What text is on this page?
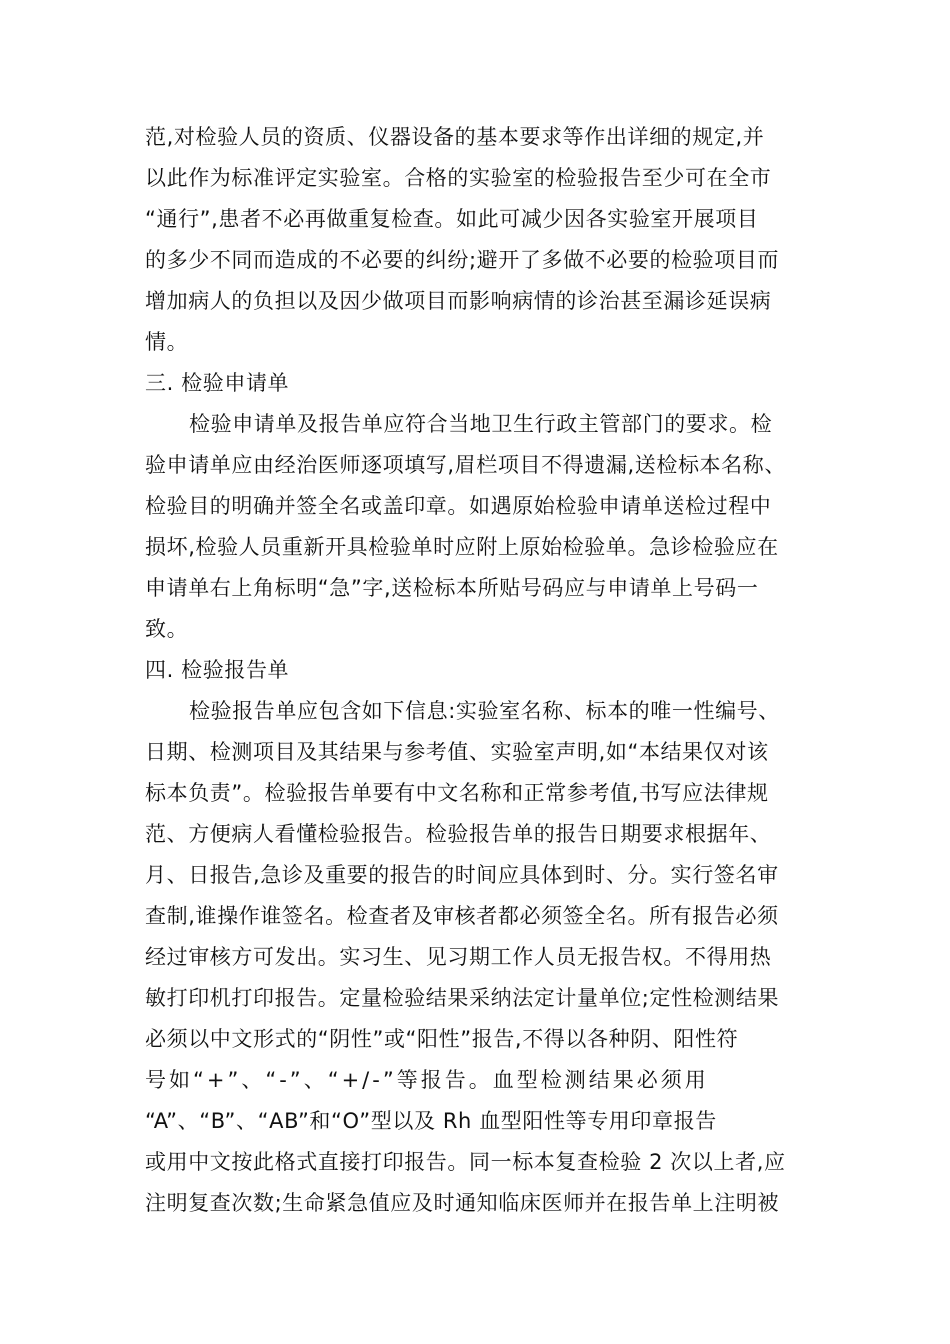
范,对检验人员的资质、仪器设备的基本要求等作出详细的规定,并
以此作为标准评定实验室。合格的实验室的检验报告至少可在全市
“通行”,患者不必再做重复检查。如此可减少因各实验室开展项目
的多少不同而造成的不必要的纠纷;避开了多做不必要的检验项目而
增加病人的负担以及因少做项目而影响病情的诊治甚至漏诊延误病
情。
三. 检验申请单
检验申请单及报告单应符合当地卫生行政主管部门的要求。检
验申请单应由经治医师逐项填写,眉栏项目不得遗漏,送检标本名称、
检验目的明确并签全名或盖印章。如遇原始检验申请单送检过程中
损坏,检验人员重新开具检验单时应附上原始检验单。急诊检验应在
申请单右上角标明“急”字,送检标本所贴号码应与申请单上号码一
致。
四. 检验报告单
检验报告单应包含如下信息:实验室名称、标本的唯一性编号、
日期、检测项目及其结果与参考值、实验室声明,如“本结果仅对该
标本负责”。检验报告单要有中文名称和正常参考值,书写应法律规
范、方便病人看懂检验报告。检验报告单的报告日期要求根据年、
月、日报告,急诊及重要的报告的时间应具体到时、分。实行签名审
查制,谁操作谁签名。检查者及审核者都必须签全名。所有报告必须
经过审核方可发出。实习生、见习期工作人员无报告权。不得用热
敏打印机打印报告。定量检验结果采纳法定计量单位;定性检测结果
必须以中文形式的“阴性”或“阳性”报告,不得以各种阴、阳性符
号如“+”、“-”、“+/-”等报告。血型检测结果必须用
“A”、“B”、“AB”和“O”型以及 Rh 血型阳性等专用印章报告
或用中文按此格式直接打印报告。同一标本复查检验 2 次以上者,应
注明复查次数;生命紧急值应及时通知临床医师并在报告单上注明被
